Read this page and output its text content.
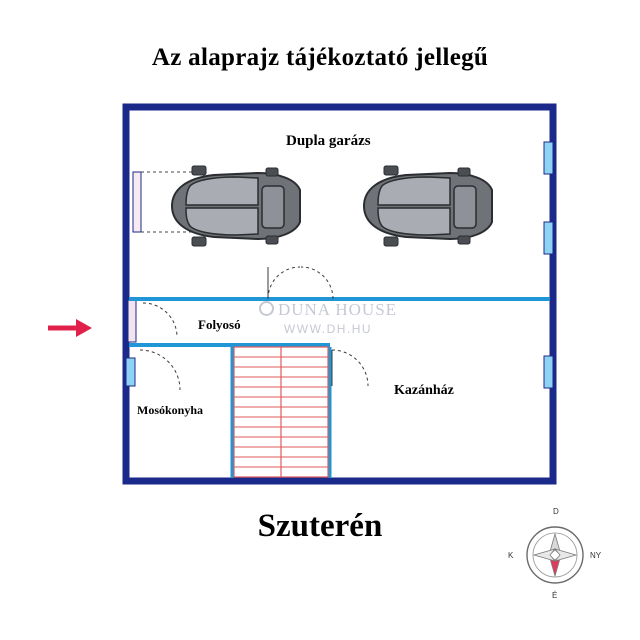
Az alaprajz tájékoztató jellegű
Szuterén
Dupla garázs
Folyosó
Kazánház
Mosókonyha
DUNA HOUSE
WWW.DH.HU
D
É
K	NY
